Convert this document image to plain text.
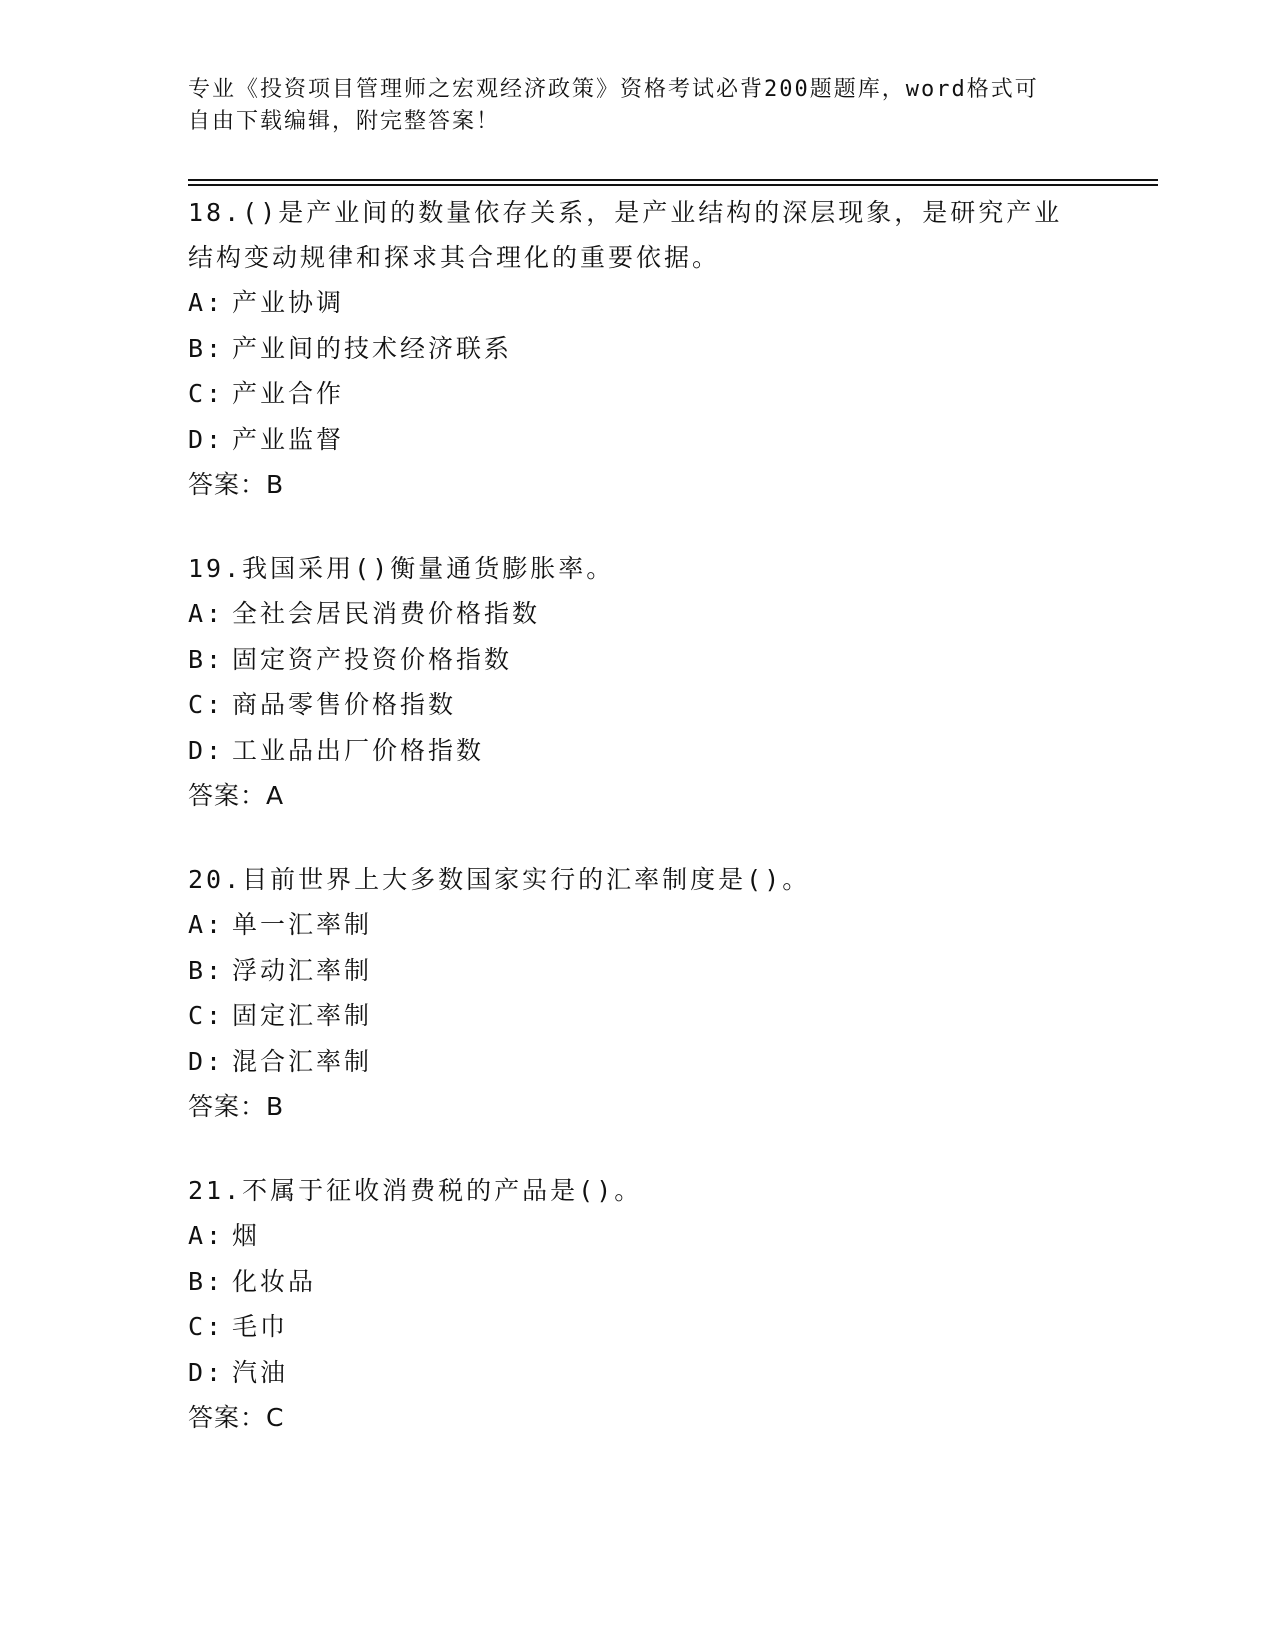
专业《投资项目管理师之宏观经济政策》资格考试必背200题题库，word格式可
自由下载编辑，附完整答案！
18.()是产业间的数量依存关系，是产业结构的深层现象，是研究产业
结构变动规律和探求其合理化的重要依据。
A: 产业协调
B: 产业间的技术经济联系
C: 产业合作
D: 产业监督
答案：B
19.我国采用()衡量通货膨胀率。
A: 全社会居民消费价格指数
B: 固定资产投资价格指数
C: 商品零售价格指数
D: 工业品出厂价格指数
答案：A
20.目前世界上大多数国家实行的汇率制度是()。
A: 单一汇率制
B: 浮动汇率制
C: 固定汇率制
D: 混合汇率制
答案：B
21.不属于征收消费税的产品是()。
A: 烟
B: 化妆品
C: 毛巾
D: 汽油
答案：C
